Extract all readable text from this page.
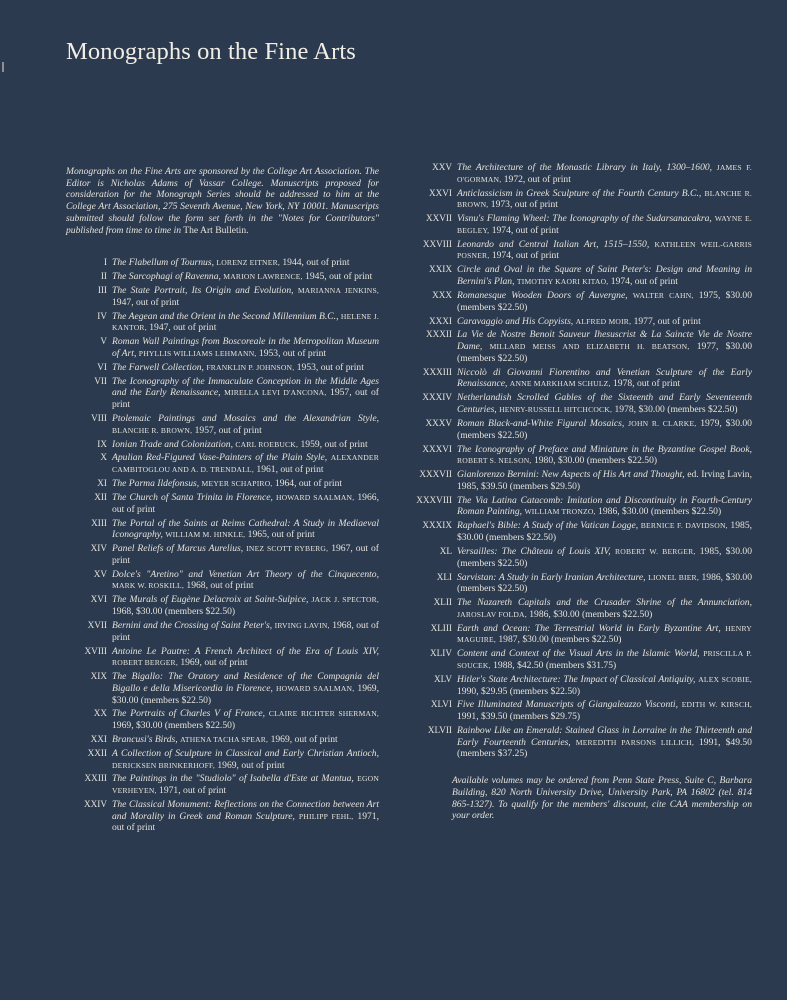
Monographs on the Fine Arts

Monographs on the Fine Arts are sponsored by the College Art Association. The Editor is Nicholas Adams of Vassar College. Manuscripts proposed for consideration for the Monograph Series should be addressed to him at the College Art Association, 275 Seventh Avenue, New York, NY 10001. Manuscripts submitted should follow the form set forth in the "Notes for Contributors" published from time to time in The Art Bulletin.

I The Flabellum of Tournus, LORENZ EITNER, 1944, out of print
II The Sarcophagi of Ravenna, MARION LAWRENCE, 1945, out of print
III The State Portrait, Its Origin and Evolution, MARIANNA JENKINS, 1947, out of print
IV The Aegean and the Orient in the Second Millennium B.C., HELENE J. KANTOR, 1947, out of print
V Roman Wall Paintings from Boscoreale in the Metropolitan Museum of Art, PHYLLIS WILLIAMS LEHMANN, 1953, out of print
VI The Farwell Collection, FRANKLIN P. JOHNSON, 1953, out of print
VII The Iconography of the Immaculate Conception in the Middle Ages and the Early Renaissance, MIRELLA LEVI D'ANCONA, 1957, out of print
VIII Ptolemaic Paintings and Mosaics and the Alexandrian Style, BLANCHE R. BROWN, 1957, out of print
IX Ionian Trade and Colonization, CARL ROEBUCK, 1959, out of print
X Apulian Red-Figured Vase-Painters of the Plain Style, ALEXANDER CAMBITOGLOU AND A. D. TRENDALL, 1961, out of print
XI The Parma Ildefonsus, MEYER SCHAPIRO, 1964, out of print
XII The Church of Santa Trinita in Florence, HOWARD SAALMAN, 1966, out of print
XIII The Portal of the Saints at Reims Cathedral: A Study in Mediaeval Iconography, WILLIAM M. HINKLE, 1965, out of print
XIV Panel Reliefs of Marcus Aurelius, INEZ SCOTT RYBERG, 1967, out of print
XV Dolce's "Aretino" and Venetian Art Theory of the Cinquecento, MARK W. ROSKILL, 1968, out of print
XVI The Murals of Eugène Delacroix at Saint-Sulpice, JACK J. SPECTOR, 1968, $30.00 (members $22.50)
XVII Bernini and the Crossing of Saint Peter's, IRVING LAVIN, 1968, out of print
XVIII Antoine Le Pautre: A French Architect of the Era of Louis XIV, ROBERT BERGER, 1969, out of print
XIX The Bigallo: The Oratory and Residence of the Compagnia del Bigallo e della Misericordia in Florence, HOWARD SAALMAN, 1969, $30.00 (members $22.50)
XX The Portraits of Charles V of France, CLAIRE RICHTER SHERMAN, 1969, $30.00 (members $22.50)
XXI Brancusi's Birds, ATHENA TACHA SPEAR, 1969, out of print
XXII A Collection of Sculpture in Classical and Early Christian Antioch, DERICKSEN BRINKERHOFF, 1969, out of print
XXIII The Paintings in the "Studiolo" of Isabella d'Este at Mantua, EGON VERHEYEN, 1971, out of print
XXIV The Classical Monument: Reflections on the Connection between Art and Morality in Greek and Roman Sculpture, PHILIPP FEHL, 1971, out of print
XXV The Architecture of the Monastic Library in Italy, 1300–1600, JAMES F. O'GORMAN, 1972, out of print
XXVI Anticlassicism in Greek Sculpture of the Fourth Century B.C., BLANCHE R. BROWN, 1973, out of print
XXVII Visnu's Flaming Wheel: The Iconography of the Sudarsanacakra, WAYNE E. BEGLEY, 1974, out of print
XXVIII Leonardo and Central Italian Art, 1515–1550, KATHLEEN WEIL-GARRIS POSNER, 1974, out of print
XXIX Circle and Oval in the Square of Saint Peter's: Design and Meaning in Bernini's Plan, TIMOTHY KAORI KITAO, 1974, out of print
XXX Romanesque Wooden Doors of Auvergne, WALTER CAHN, 1975, $30.00 (members $22.50)
XXXI Caravaggio and His Copyists, ALFRED MOIR, 1977, out of print
XXXII La Vie de Nostre Benoit Sauveur Ihesuscrist & La Saincte Vie de Nostre Dame, MILLARD MEISS AND ELIZABETH H. BEATSON, 1977, $30.00 (members $22.50)
XXXIII Niccolò di Giovanni Fiorentino and Venetian Sculpture of the Early Renaissance, ANNE MARKHAM SCHULZ, 1978, out of print
XXXIV Netherlandish Scrolled Gables of the Sixteenth and Early Seventeenth Centuries, HENRY-RUSSELL HITCHCOCK, 1978, $30.00 (members $22.50)
XXXV Roman Black-and-White Figural Mosaics, JOHN R. CLARKE, 1979, $30.00 (members $22.50)
XXXVI The Iconography of Preface and Miniature in the Byzantine Gospel Book, ROBERT S. NELSON, 1980, $30.00 (members $22.50)
XXXVII Gianlorenzo Bernini: New Aspects of His Art and Thought, ed. Irving Lavin, 1985, $39.50 (members $29.50)
XXXVIII The Via Latina Catacomb: Imitation and Discontinuity in Fourth-Century Roman Painting, WILLIAM TRONZO, 1986, $30.00 (members $22.50)
XXXIX Raphael's Bible: A Study of the Vatican Logge, BERNICE F. DAVIDSON, 1985, $30.00 (members $22.50)
XL Versailles: The Château of Louis XIV, ROBERT W. BERGER, 1985, $30.00 (members $22.50)
XLI Sarvistan: A Study in Early Iranian Architecture, LIONEL BIER, 1986, $30.00 (members $22.50)
XLII The Nazareth Capitals and the Crusader Shrine of the Annunciation, JAROSLAV FOLDA, 1986, $30.00 (members $22.50)
XLIII Earth and Ocean: The Terrestrial World in Early Byzantine Art, HENRY MAGUIRE, 1987, $30.00 (members $22.50)
XLIV Content and Context of the Visual Arts in the Islamic World, PRISCILLA P. SOUCEK, 1988, $42.50 (members $31.75)
XLV Hitler's State Architecture: The Impact of Classical Antiquity, ALEX SCOBIE, 1990, $29.95 (members $22.50)
XLVI Five Illuminated Manuscripts of Giangaleazzo Visconti, EDITH W. KIRSCH, 1991, $39.50 (members $29.75)
XLVII Rainbow Like an Emerald: Stained Glass in Lorraine in the Thirteenth and Early Fourteenth Centuries, MEREDITH PARSONS LILLICH, 1991, $49.50 (members $37.25)

Available volumes may be ordered from Penn State Press, Suite C, Barbara Building, 820 North University Drive, University Park, PA 16802 (tel. 814 865-1327). To qualify for the members' discount, cite CAA membership on your order.
